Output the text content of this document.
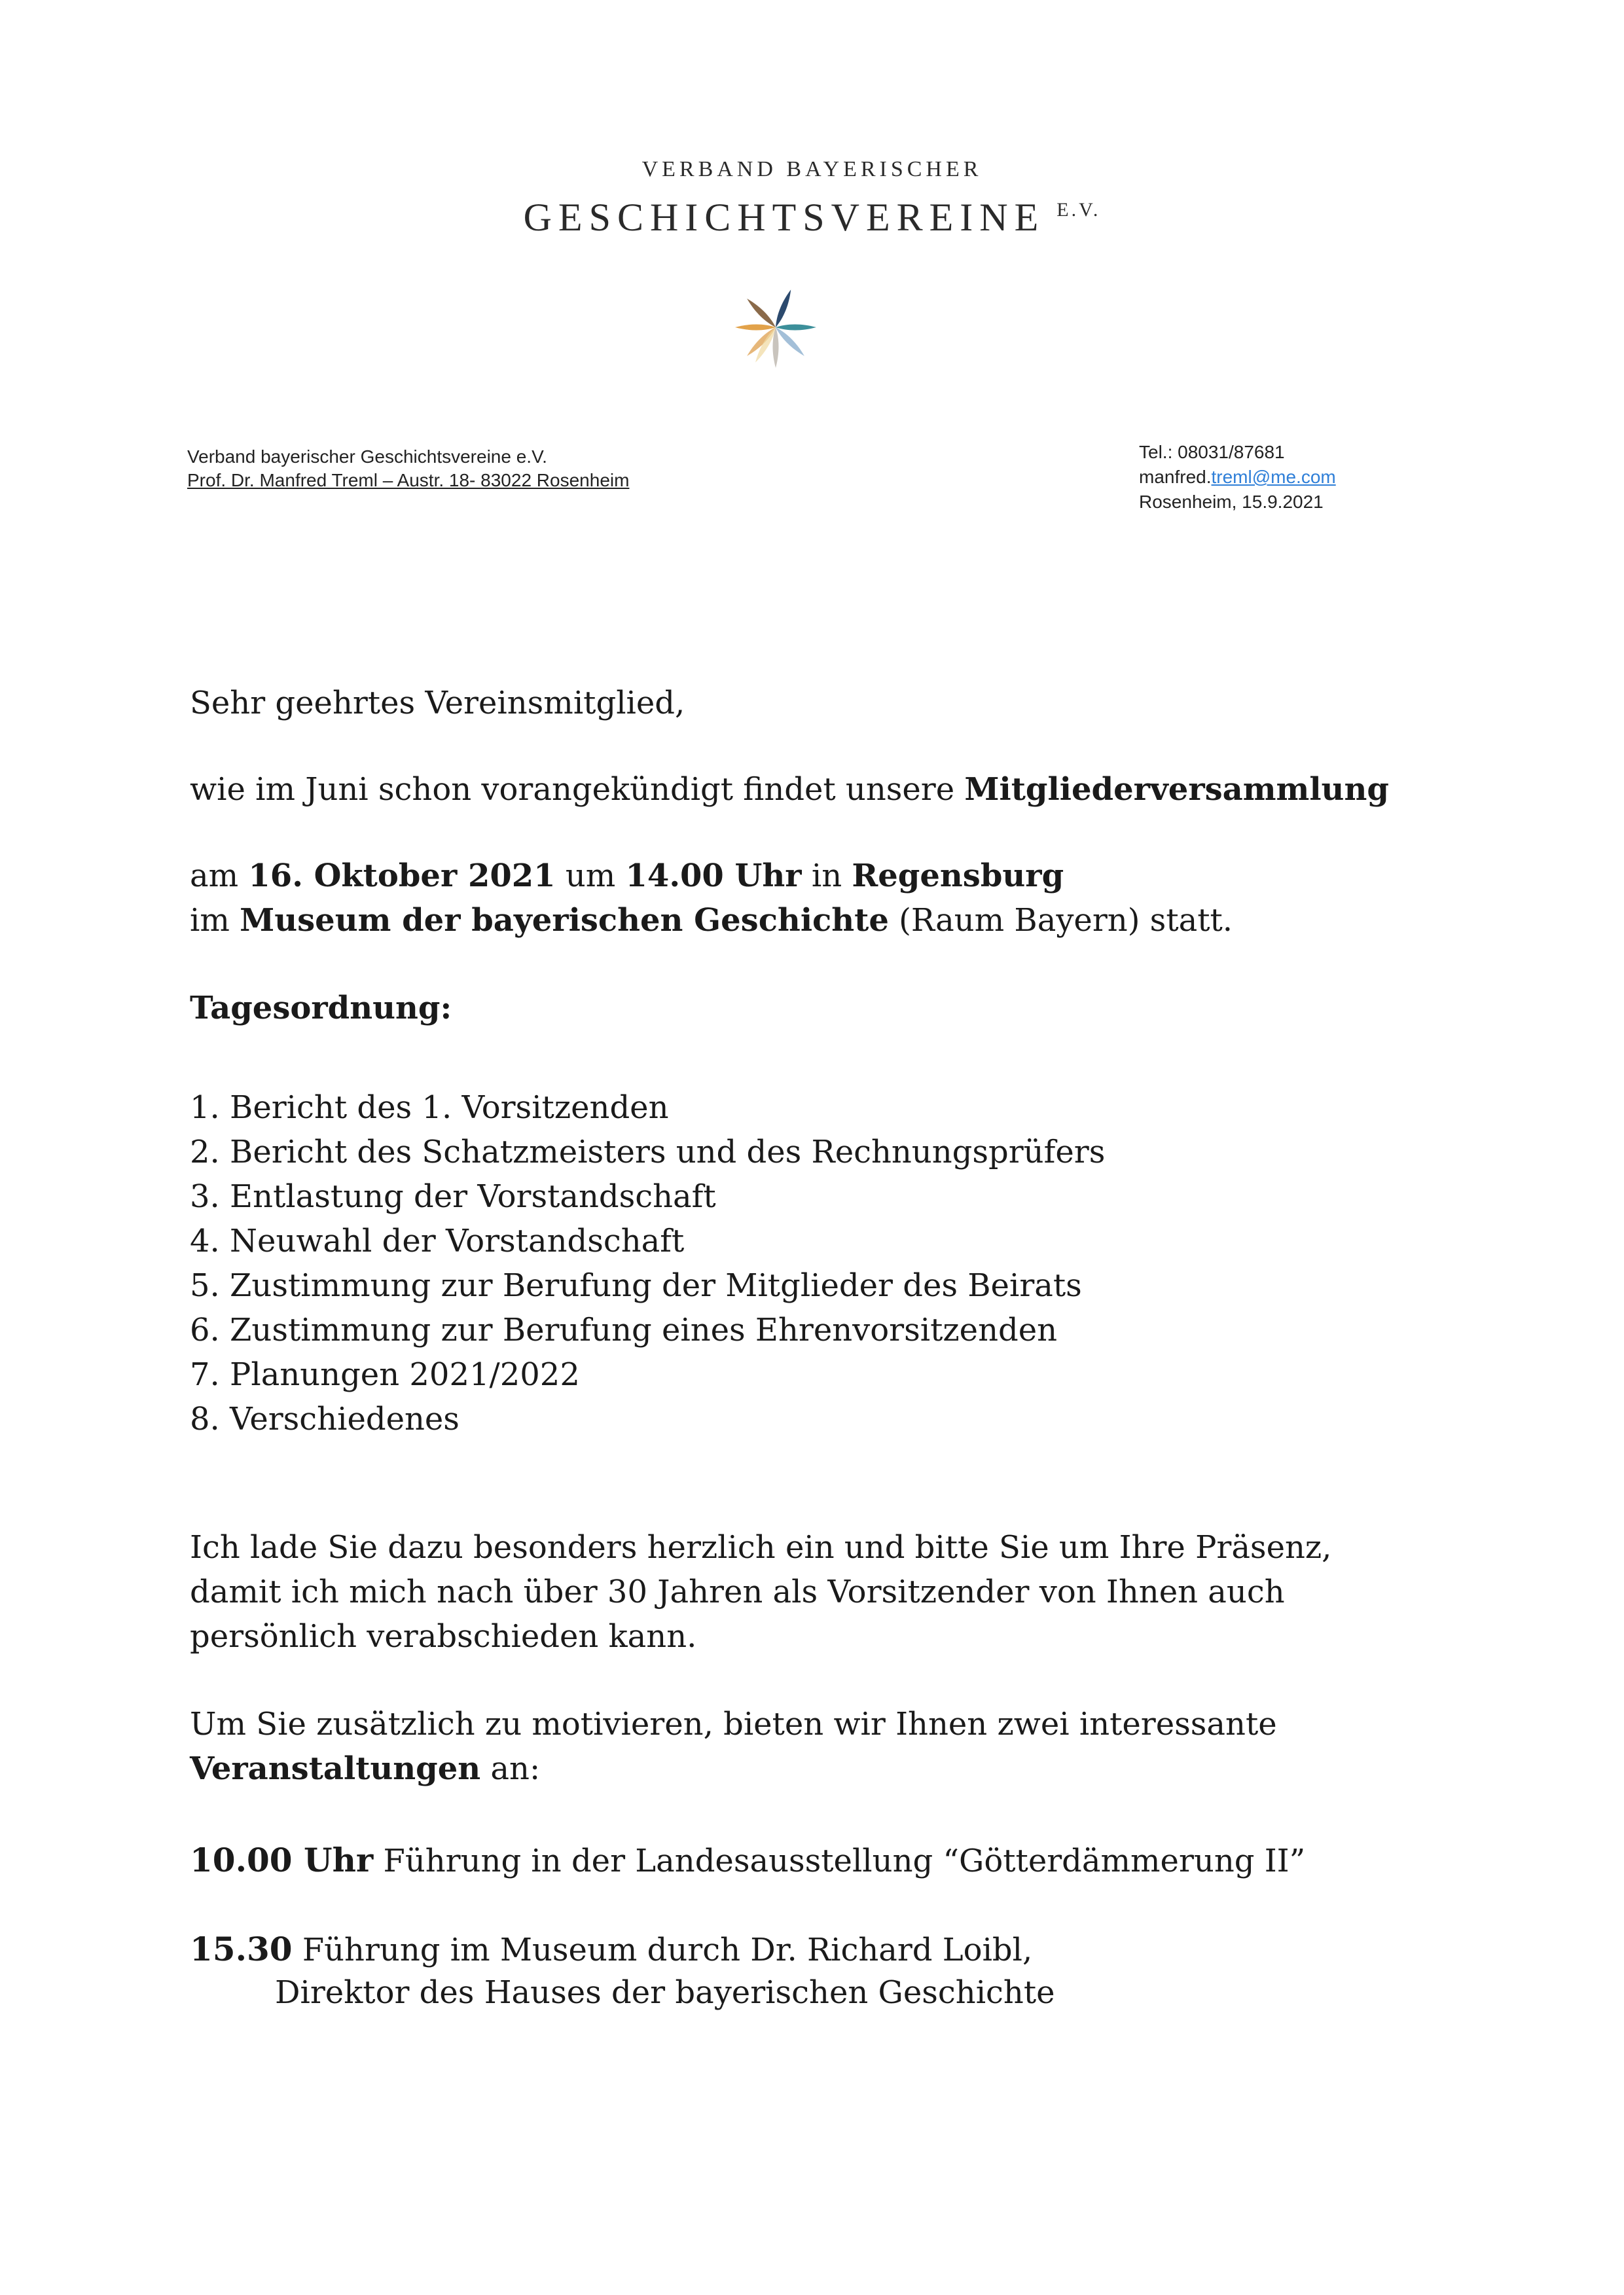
VERBAND BAYERISCHER
GESCHICHTSVEREINE $^{E.V.}$
Verband bayerischer Geschichtsvereine e.V.
Prof. Dr. Manfred Treml – Austr. 18- 83022 Rosenheim
Tel.: 08031/87681
manfred.treml@me.com
Rosenheim, 15.9.2021
Sehr geehrtes Vereinsmitglied,
wie im Juni schon vorangekündigt findet unsere Mitgliederversammlung
am 16. Oktober 2021 um 14.00 Uhr in Regensburg
im Museum der bayerischen Geschichte (Raum Bayern) statt.
Tagesordnung:
1. Bericht des 1. Vorsitzenden
2. Bericht des Schatzmeisters und des Rechnungsprüfers
3. Entlastung der Vorstandschaft
4. Neuwahl der Vorstandschaft
5. Zustimmung zur Berufung der Mitglieder des Beirats
6. Zustimmung zur Berufung eines Ehrenvorsitzenden
7. Planungen 2021/2022
8. Verschiedenes
Ich lade Sie dazu besonders herzlich ein und bitte Sie um Ihre Präsenz,
damit ich mich nach über 30 Jahren als Vorsitzender von Ihnen auch
persönlich verabschieden kann.
Um Sie zusätzlich zu motivieren, bieten wir Ihnen zwei interessante
Veranstaltungen an:
10.00 Uhr Führung in der Landesausstellung “Götterdämmerung II”
15.30 Führung im Museum durch Dr. Richard Loibl,
Direktor des Hauses der bayerischen Geschichte
